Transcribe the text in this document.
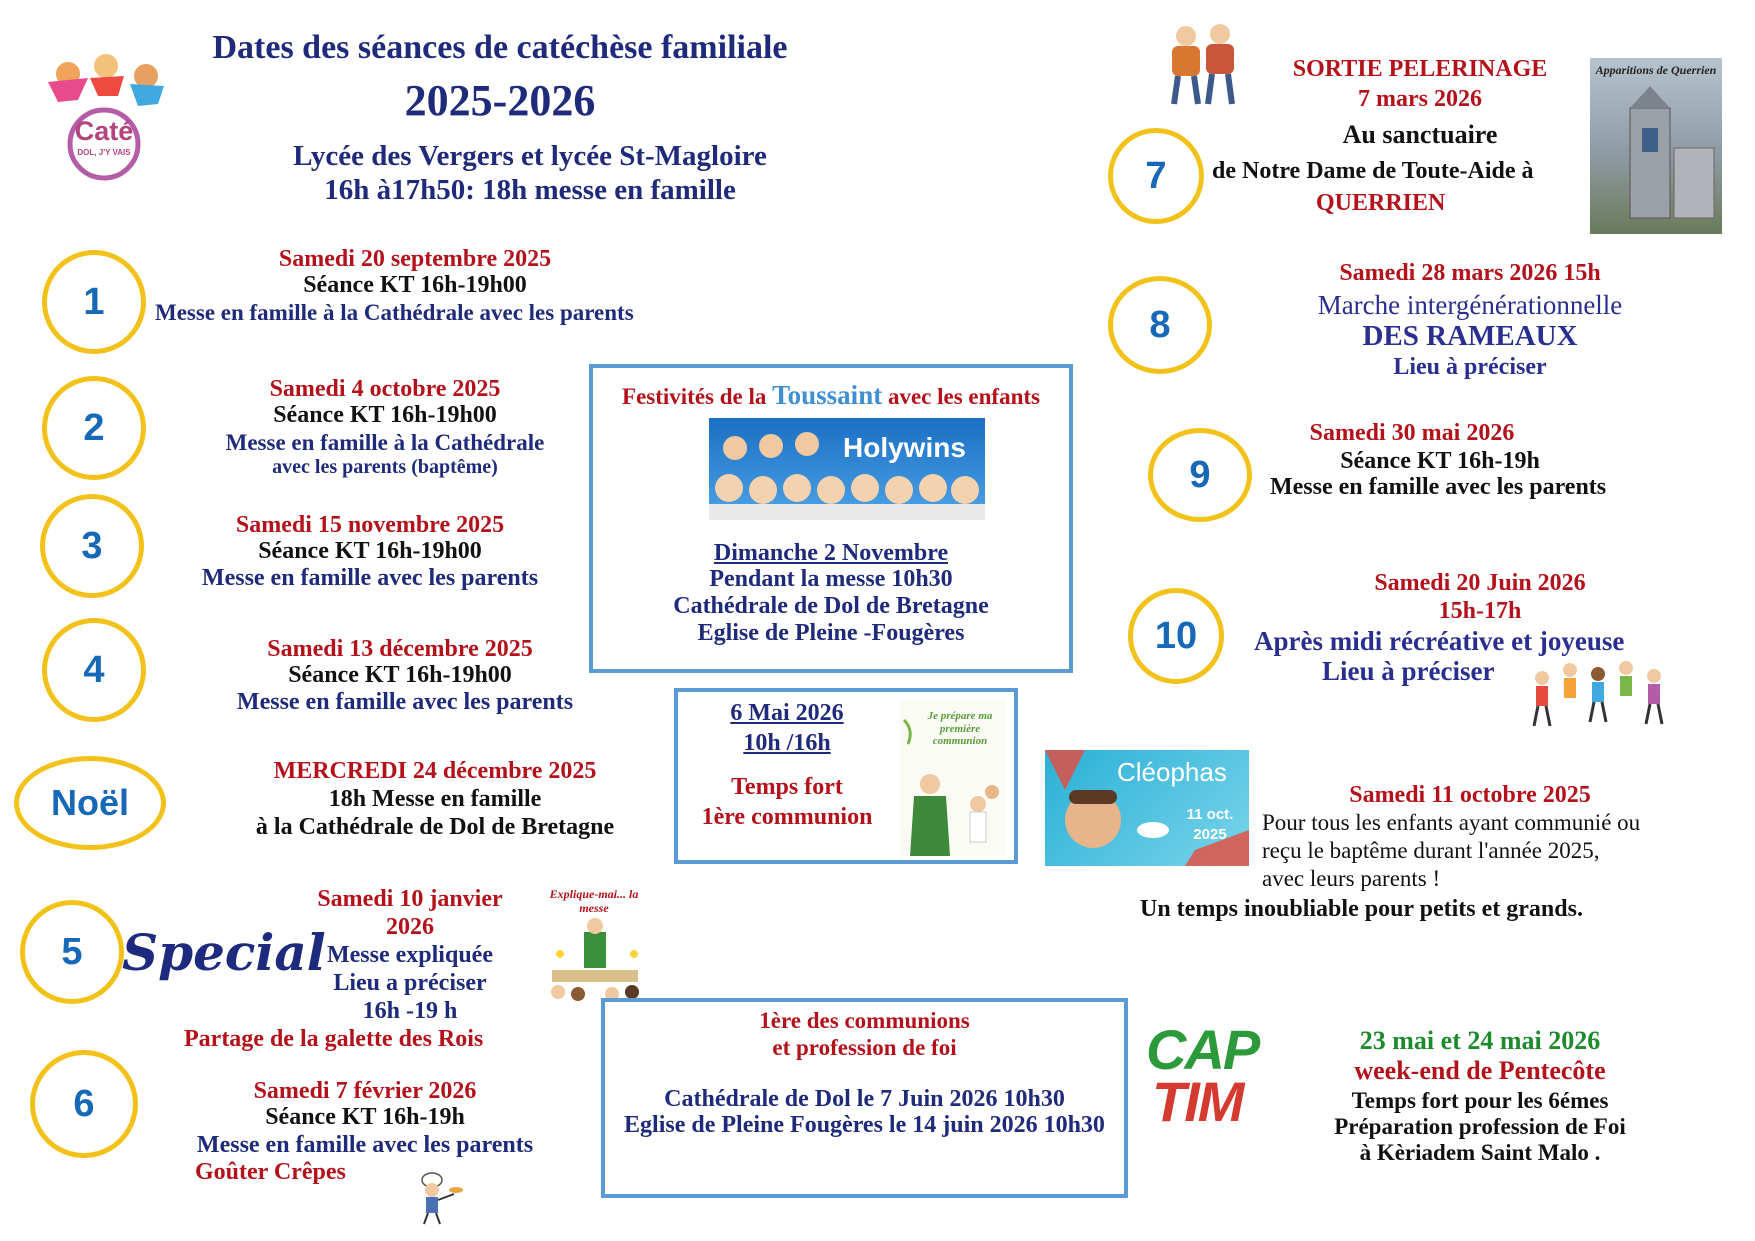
Dates des séances de catéchèse familiale
2025-2026
Lycée des Vergers et lycée St-Magloire
16h à17h50: 18h messe en famille
Caté
DOL, J'Y VAIS
1
Samedi 20 septembre 2025
Séance KT 16h-19h00
Messe en famille à la Cathédrale avec les parents
2
Samedi 4 octobre 2025
Séance KT 16h-19h00
Messe en famille à la Cathédrale
avec les parents (baptême)
3	Samedi 15 novembre 2025
Séance KT 16h-19h00
Messe en famille avec les parents
4	Samedi 13 décembre 2025
Séance KT 16h-19h00
Messe en famille avec les parents
Noël
MERCREDI 24 décembre 2025
18h Messe en famille
à la Cathédrale de Dol de Bretagne
5 Special
Samedi 10 janvier
2026
Messe expliquée
Lieu a préciser
16h -19 h
Partage de la galette des Rois
Explique-mai... la messe
6	Samedi 7 février 2026
Séance KT 16h-19h
Messe en famille avec les parents
Goûter Crêpes
Festivités de la Toussaint avec les enfants
Holywins
Dimanche 2 Novembre
Pendant la messe 10h30
Cathédrale de Dol de Bretagne
Eglise de Pleine -Fougères
6 Mai 2026
10h /16h
Temps fort
1ère communion
Je prépare ma première communion
1ère des communions
et profession de foi
Cathédrale de Dol le 7 Juin 2026 10h30
Eglise de Pleine Fougères le 14 juin 2026 10h30
7
SORTIE PELERINAGE
7 mars 2026
Au sanctuaire
de Notre Dame de Toute-Aide à
QUERRIEN
Apparitions de Querrien
8
Samedi 28 mars 2026 15h
Marche intergénérationnelle
DES RAMEAUX
Lieu à préciser
9
Samedi 30 mai 2026
Séance KT 16h-19h
Messe en famille avec les parents
10
Samedi 20 Juin 2026
15h-17h
Après midi récréative et joyeuse
Lieu à préciser
Cléophas
11 oct.
2025
Samedi 11 octobre 2025
Pour tous les enfants ayant communié ou
reçu le baptême durant l'année 2025,
avec leurs parents !
Un temps inoubliable pour petits et grands.
CAP
TIM
23 mai et 24 mai 2026
week-end de Pentecôte
Temps fort pour les 6émes
Préparation profession de Foi
à Kèriadem Saint Malo .
